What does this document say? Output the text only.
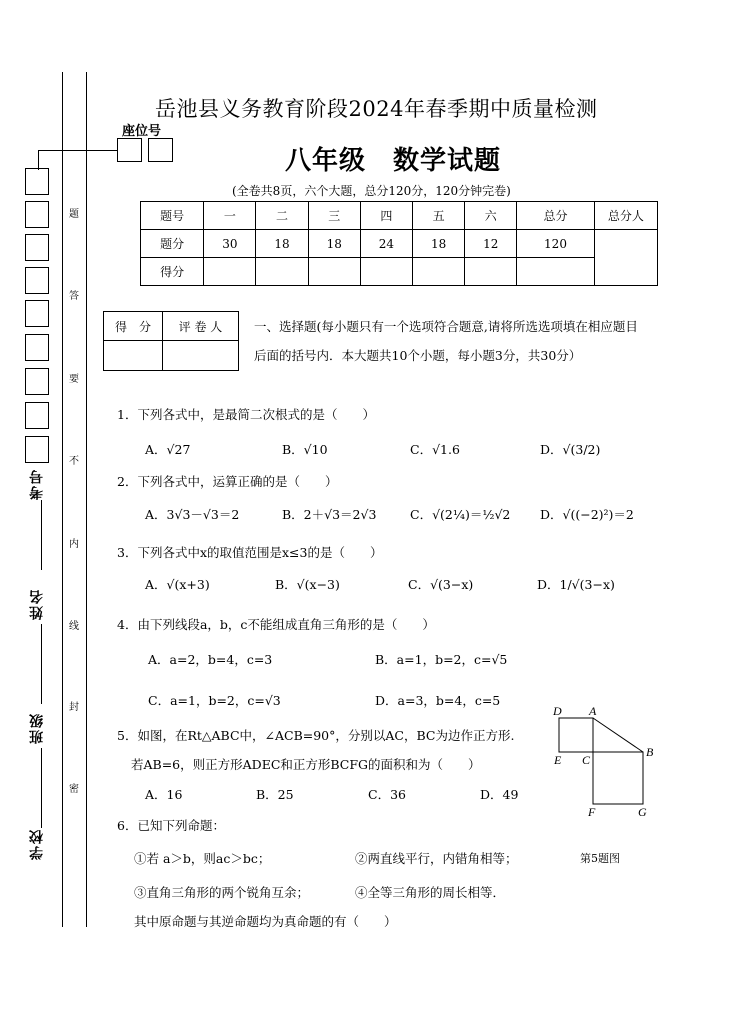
座位号
考号
姓名
班级
学校
题
答
要
不
内
线
封
密
岳池县义务教育阶段2024年春季期中质量检测
八年级　数学试题
(全卷共8页，六个大题，总分120分，120分钟完卷)
题号	一	二	三	四	五	六	总分	总分人
题分	30	18	18	24	18	12	120	
得分								
得　分	评 卷 人
		一、选择题(每小题只有一个选项符合题意,请将所选选项填在相应题目
后面的括号内．本大题共10个小题，每小题3分，共30分）
1．下列各式中，是最简二次根式的是（　　）
A．√27	B．√10	C．√1.6	D．√(3/2)
2．下列各式中，运算正确的是（　　）
A．3√3－√3＝2	B．2＋√3＝2√3	C．√(2¼)＝½√2 D．√((−2)²)＝2
3．下列各式中x的取值范围是x≤3的是（　　）
A．√(x+3)	B．√(x−3)	C．√(3−x)	D．1/√(3−x)
4．由下列线段a，b，c不能组成直角三角形的是（　　）
A．a=2，b=4，c=3	B．a=1，b=2，c=√5
C．a=1，b=2，c=√3	D．a=3，b=4，c=5
5．如图，在Rt△ABC中，∠ACB=90°，分别以AC，BC为边作正方形.
若AB=6，则正方形ADEC和正方形BCFG的面积和为（　　）
A．16	B．25	C．36	D．49
6．已知下列命题：
①若 a＞b，则ac＞bc；	②两直线平行，内错角相等；
③直角三角形的两个锐角互余；	④全等三角形的周长相等．
其中原命题与其逆命题均为真命题的有（　　）
D A
B
E C
F	G
第5题图
